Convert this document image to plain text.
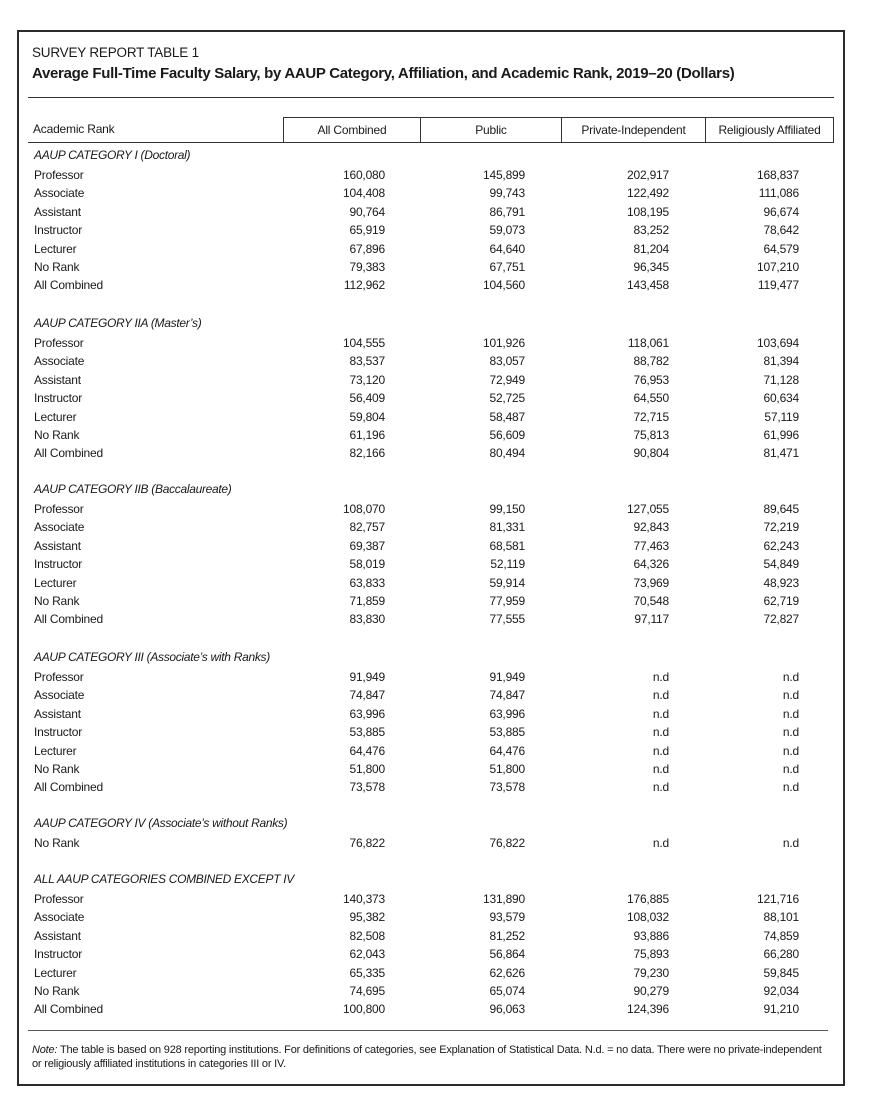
SURVEY REPORT TABLE 1
Average Full-Time Faculty Salary, by AAUP Category, Affiliation, and Academic Rank, 2019–20 (Dollars)
Academic Rank	All Combined	Public	Private-Independent	Religiously Affiliated
AAUP CATEGORY I (Doctoral)
Professor	160,080	145,899	202,917	168,837
Associate	104,408	99,743	122,492	111,086
Assistant	90,764	86,791	108,195	96,674
Instructor	65,919	59,073	83,252	78,642
Lecturer	67,896	64,640	81,204	64,579
No Rank	79,383	67,751	96,345	107,210
All Combined	112,962	104,560	143,458	119,477
AAUP CATEGORY IIA (Master’s)
Professor	104,555	101,926	118,061	103,694
Associate	83,537	83,057	88,782	81,394
Assistant	73,120	72,949	76,953	71,128
Instructor	56,409	52,725	64,550	60,634
Lecturer	59,804	58,487	72,715	57,119
No Rank	61,196	56,609	75,813	61,996
All Combined	82,166	80,494	90,804	81,471
AAUP CATEGORY IIB (Baccalaureate)
Professor	108,070	99,150	127,055	89,645
Associate	82,757	81,331	92,843	72,219
Assistant	69,387	68,581	77,463	62,243
Instructor	58,019	52,119	64,326	54,849
Lecturer	63,833	59,914	73,969	48,923
No Rank	71,859	77,959	70,548	62,719
All Combined	83,830	77,555	97,117	72,827
AAUP CATEGORY III (Associate’s with Ranks)
Professor	91,949	91,949	n.d	n.d
Associate	74,847	74,847	n.d	n.d
Assistant	63,996	63,996	n.d	n.d
Instructor	53,885	53,885	n.d	n.d
Lecturer	64,476	64,476	n.d	n.d
No Rank	51,800	51,800	n.d	n.d
All Combined	73,578	73,578	n.d	n.d
AAUP CATEGORY IV (Associate’s without Ranks)
No Rank	76,822	76,822	n.d	n.d
ALL AAUP CATEGORIES COMBINED EXCEPT IV
Professor	140,373	131,890	176,885	121,716
Associate	95,382	93,579	108,032	88,101
Assistant	82,508	81,252	93,886	74,859
Instructor	62,043	56,864	75,893	66,280
Lecturer	65,335	62,626	79,230	59,845
No Rank	74,695	65,074	90,279	92,034
All Combined	100,800	96,063	124,396	91,210
Note: The table is based on 928 reporting institutions. For definitions of categories, see Explanation of Statistical Data. N.d. = no data. There were no private-independent or religiously affiliated institutions in categories III or IV.
